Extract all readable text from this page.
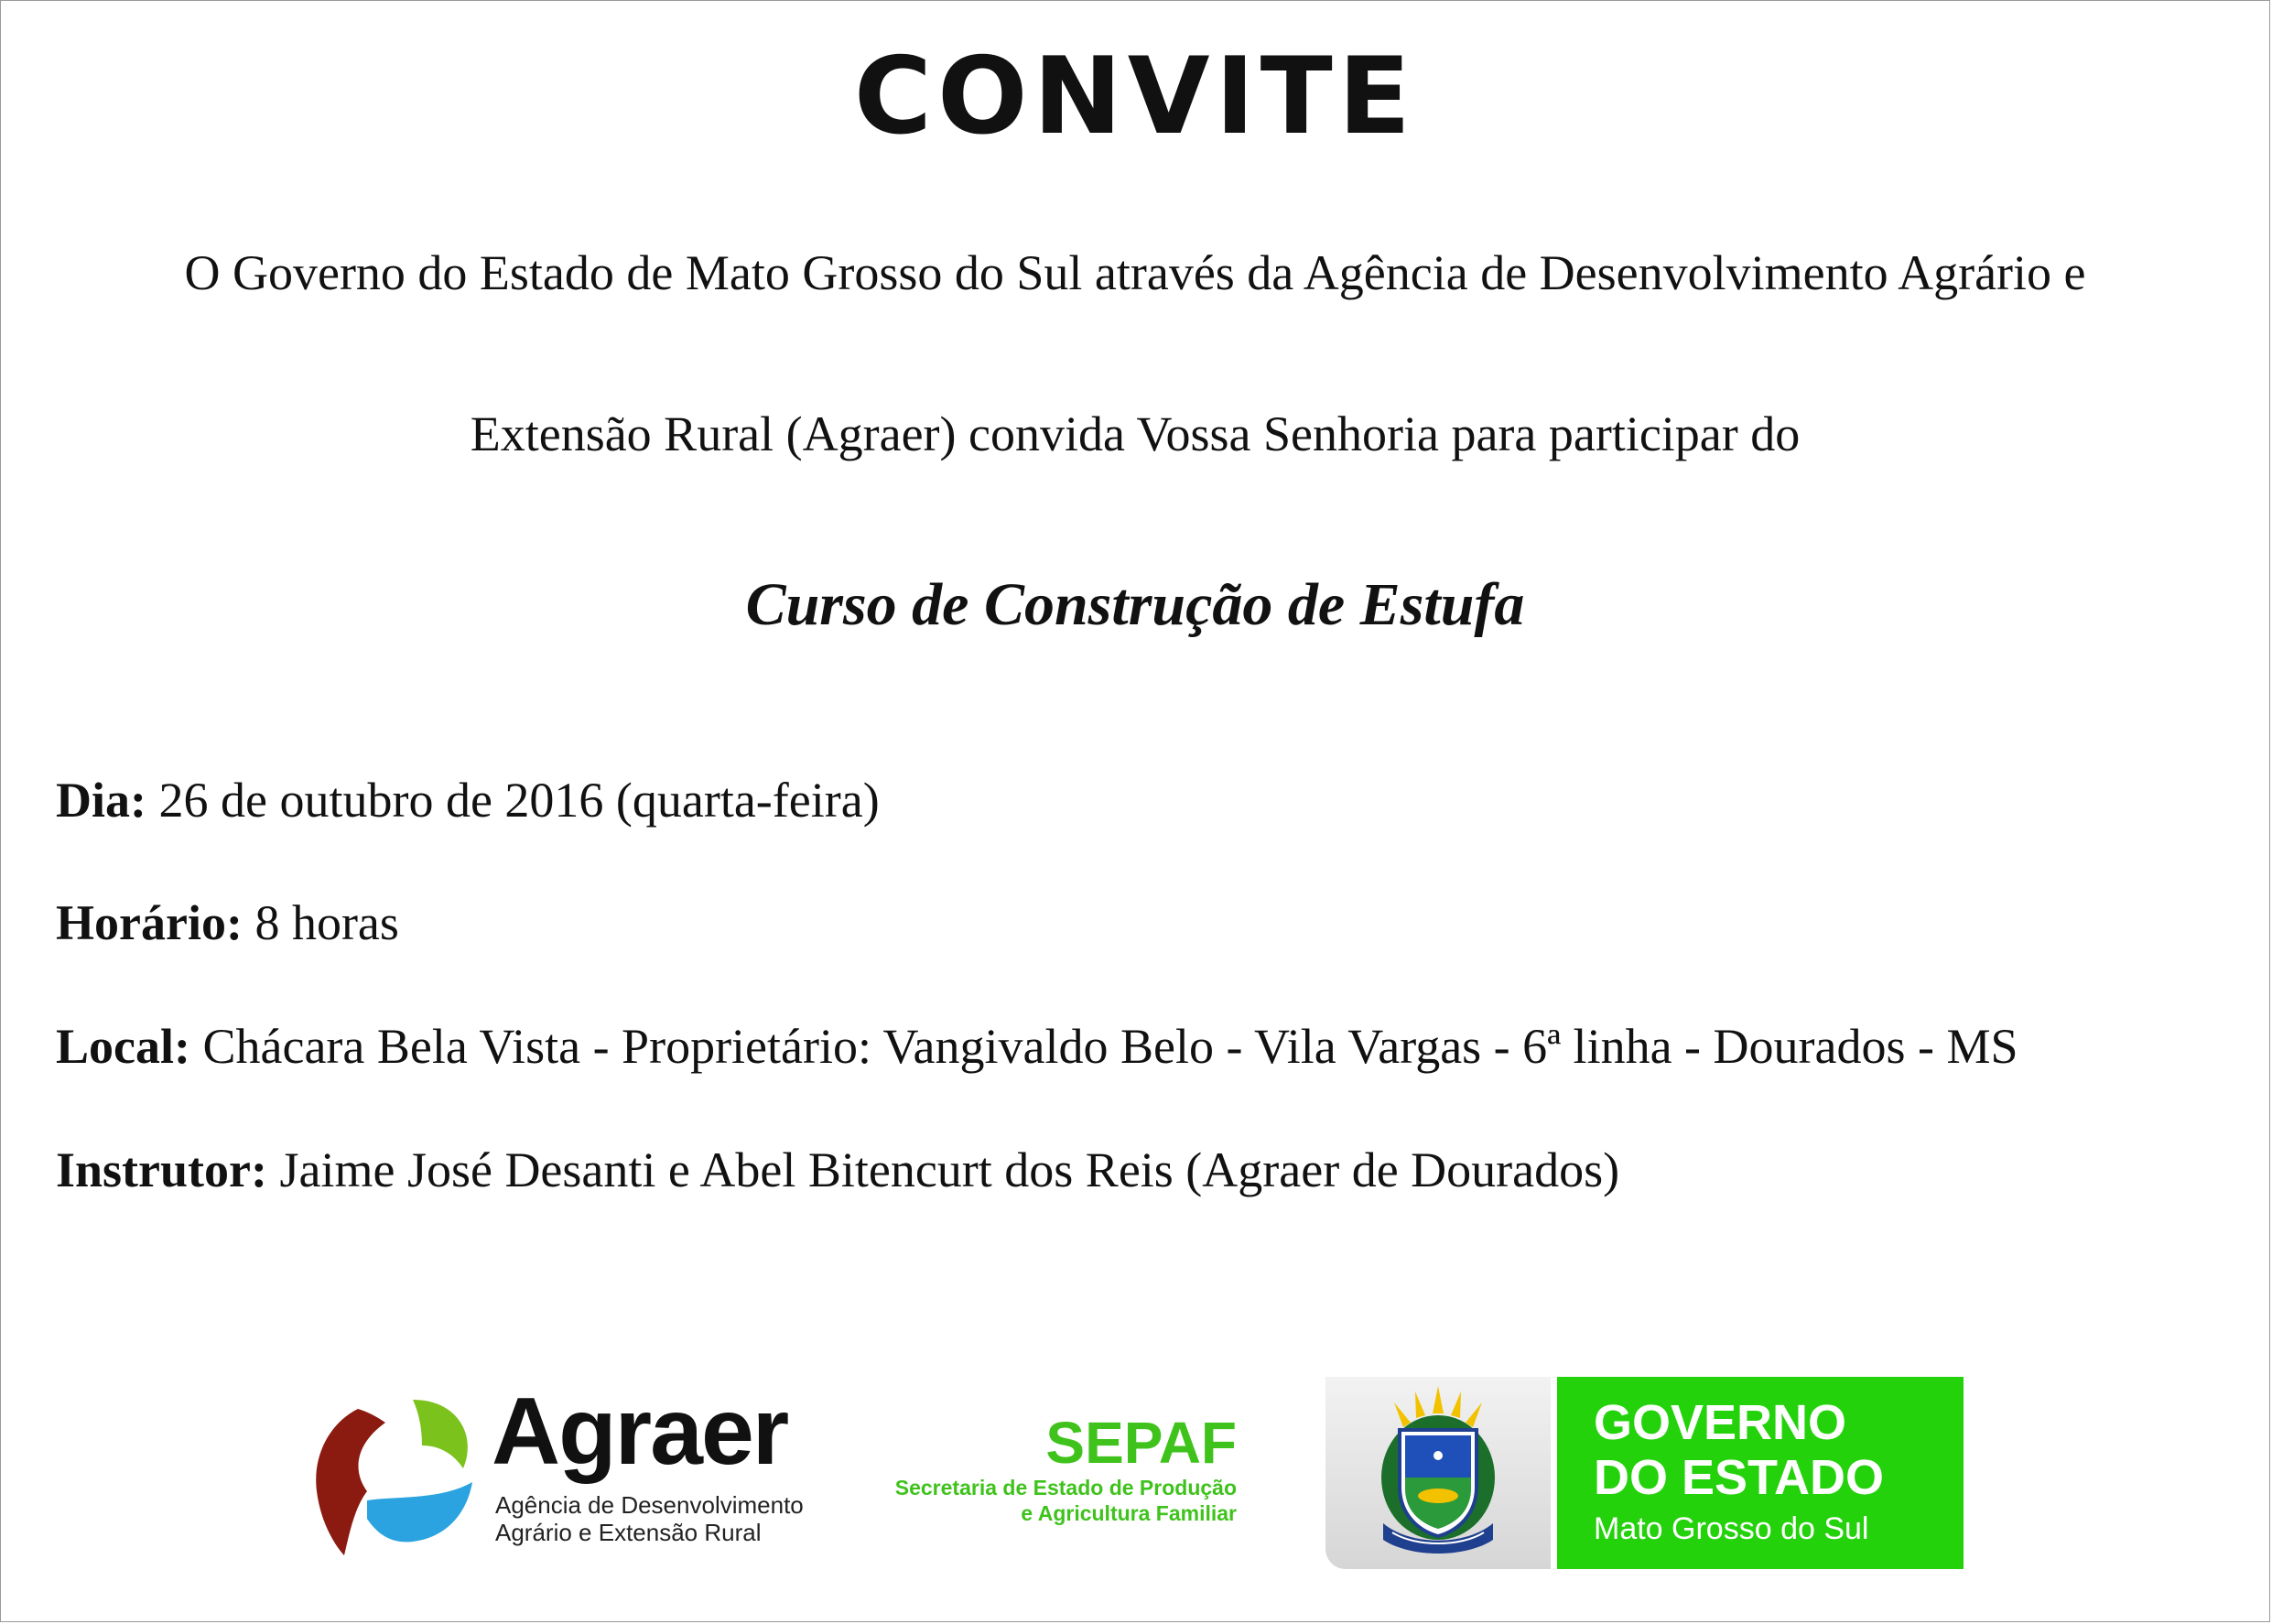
CONVITE
O Governo do Estado de Mato Grosso do Sul através da Agência de Desenvolvimento Agrário e
Extensão Rural (Agraer) convida Vossa Senhoria para participar do
Curso de Construção de Estufa
Dia: 26 de outubro de 2016 (quarta-feira)
Horário: 8 horas
Local: Chácara Bela Vista - Proprietário: Vangivaldo Belo - Vila Vargas - 6ª linha - Dourados - MS
Instrutor: Jaime José Desanti e Abel Bitencurt dos Reis (Agraer de Dourados)
Agraer
Agência de Desenvolvimento
Agrário e Extensão Rural
SEPAF
Secretaria de Estado de Produção
e Agricultura Familiar
GOVERNO
DO ESTADO
Mato Grosso do Sul
